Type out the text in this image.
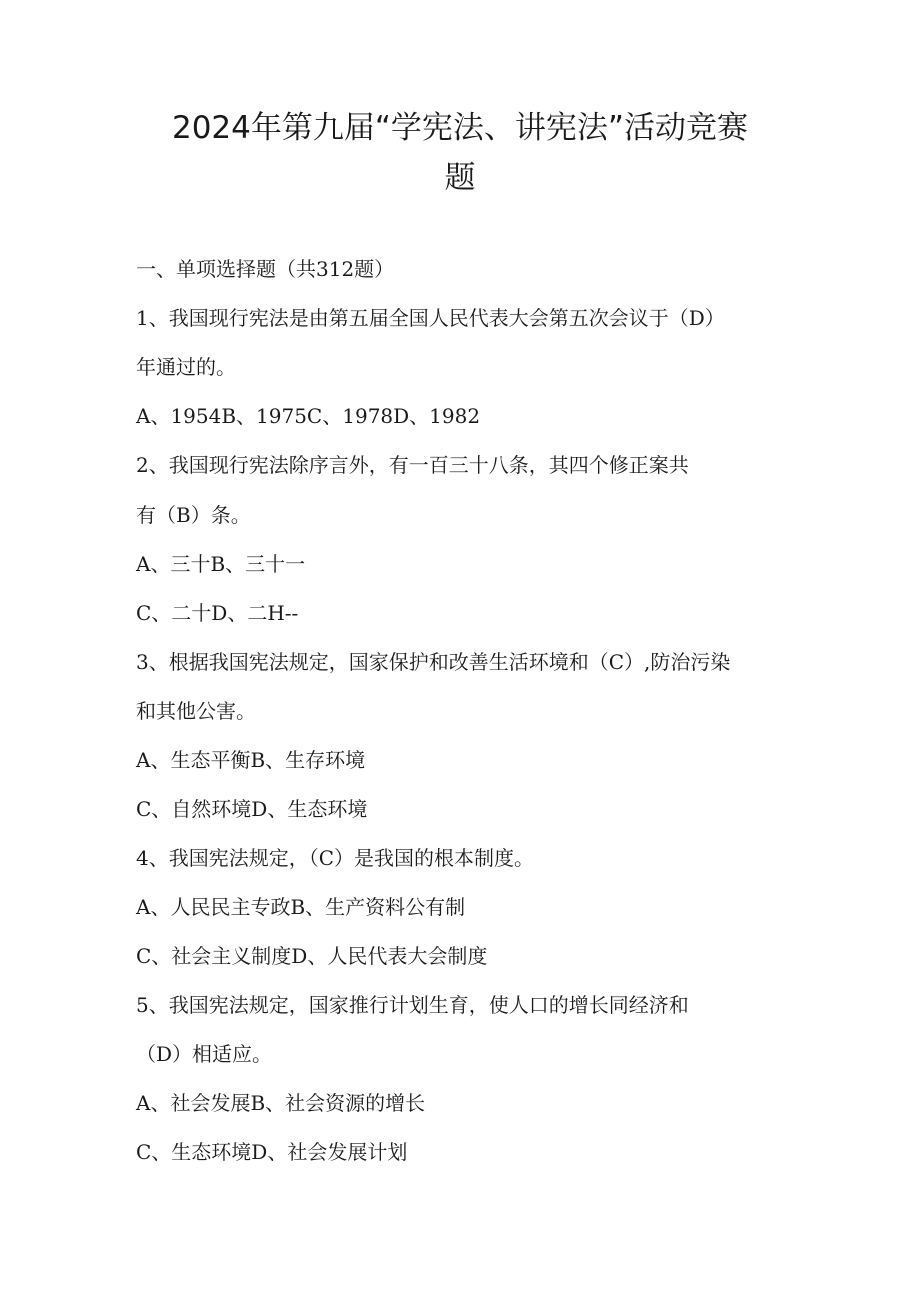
2024年第九届“学宪法、讲宪法”活动竞赛
题
一、单项选择题（共312题）
1、我国现行宪法是由第五届全国人民代表大会第五次会议于（D）
年通过的。
A、1954B、1975C、1978D、1982
2、我国现行宪法除序言外，有一百三十八条，其四个修正案共
有（B）条。
A、三十B、三十一
C、二十D、二H--
3、根据我国宪法规定，国家保护和改善生活环境和（C）,防治污染
和其他公害。
A、生态平衡B、生存环境
C、自然环境D、生态环境
4、我国宪法规定，（C）是我国的根本制度。
A、人民民主专政B、生产资料公有制
C、社会主义制度D、人民代表大会制度
5、我国宪法规定，国家推行计划生育，使人口的增长同经济和
（D）相适应。
A、社会发展B、社会资源的增长
C、生态环境D、社会发展计划
